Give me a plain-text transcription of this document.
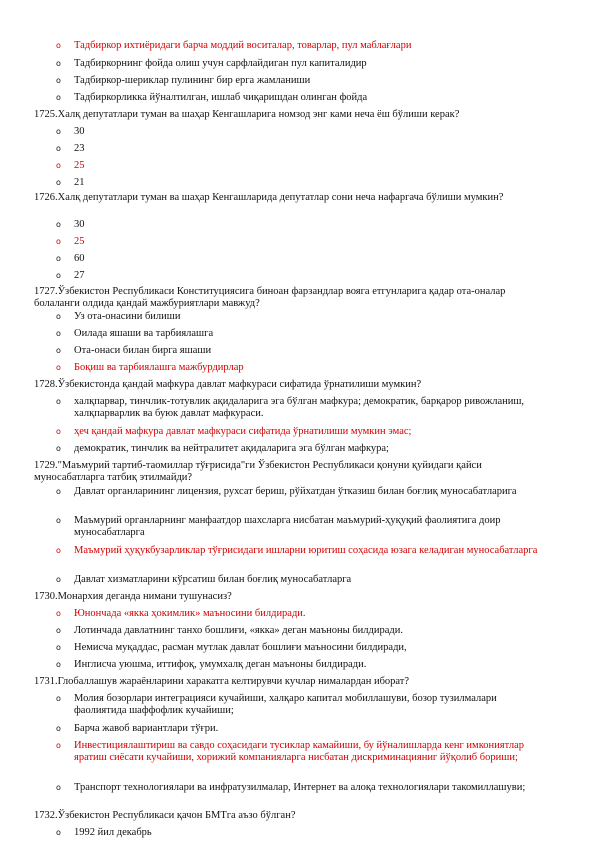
o	Тадбиркор ихтиёридаги барча моддий воситалар, товарлар, пул маблағлари
o	Тадбиркорнинг фойда олиш учун сарфлайдиган пул капиталидир
o	Тадбиркор-шериклар пулининг бир ерга жамланиши
o	Тадбиркорликка йўналтилган, ишлаб чиқаришдан олинган фойда
1725.Халқ депутатлари туман ва шаҳар Кенгашларига номзод энг ками неча ёш бўлиши керак?
o	30
o	23
o	25
o	21
1726.Халқ депутатлари туман ва шаҳар Кенгашларида депутатлар сони неча нафаргача бўлиши мумкин?
o	30
o	25
o	60
o	27
1727.Ўзбекистон Республикаси Конституциясига биноан фарзандлар вояга етгунларига қадар ота-оналар болаланги олдида қандай мажбуриятлари мавжуд?
o	Уз ота-онасини билиши
o	Оилада яшаши ва тарбиялашга
o	Ота-онаси билан бирга яшаши
o	Боқиш ва тарбиялашга мажбурдирлар
1728.Ўзбекистонда қандай мафкура давлат мафкураси сифатида ўрнатилиши мумкин?
o	халқпарвар, тинчлик-тотувлик ақидаларига эга бўлган мафкура; демократик, барқарор ривожланиш, халқпарварлик ва буюк давлат мафкураси.
o	ҳеч қандай мафкура давлат мафкураси сифатида ўрнатилиши мумкин эмас;
o	демократик, тинчлик ва нейтралитет ақидаларига эга бўлган мафкура;
1729."Маъмурий тартиб-таомиллар тўғрисида"ги Ўзбекистон Республикаси қонуни қуйидаги қайси муносабатларга татбиқ этилмайди?
o	Давлат органларининг лицензия, рухсат бериш, рўйхатдан ўтказиш билан боғлиқ муносабатларига
o	Маъмурий органларнинг манфаатдор шахсларга нисбатан маъмурий-ҳуқуқий фаолиятига доир муносабатларга
o	Маъмурий ҳуқукбузарликлар тўғрисидаги ишларни юритиш соҳасида юзага келадиган муносабатларга
o	Давлат хизматларини кўрсатиш билан боғлиқ муносабатларга
1730.Монархия деганда нимани тушунасиз?
o	Юнончада «якка ҳокимлик» маъносини билдиради.
o	Лотинчада давлатнинг танхо бошлиғи, «якка» деган маъноны билдиради.
o	Немисча муқаддас, расман мутлак давлат бошлиғи маъносини билдиради,
o	Инглисча уюшма, иттифоқ, умумхалқ деган маъноны билдиради.
1731.Глобаллашув жараёнларини харакатга келтирувчи кучлар нималардан иборат?
o	Молия бозорлари интеграцияси кучайиши, халқаро капитал мобиллашуви, бозор тузилмалари фаолиятида шаффофлик кучайиши;
o	Барча жавоб вариантлари тўғри.
o	Инвестициялаштириш ва савдо соҳасидаги тусиклар камайиши, бу йўналишларда кенг имкониятлар яратиш сиёсати кучайиши, хорижий компанияларга нисбатан дискриминацияниг йўқолиб бориши;
o	Транспорт технологиялари ва инфратузилмалар, Интернет ва алоқа технологиялари такомиллашуви;
1732.Ўзбекистон Республикаси қачон БМТга аъзо бўлган?
o	1992 йил декабрь
